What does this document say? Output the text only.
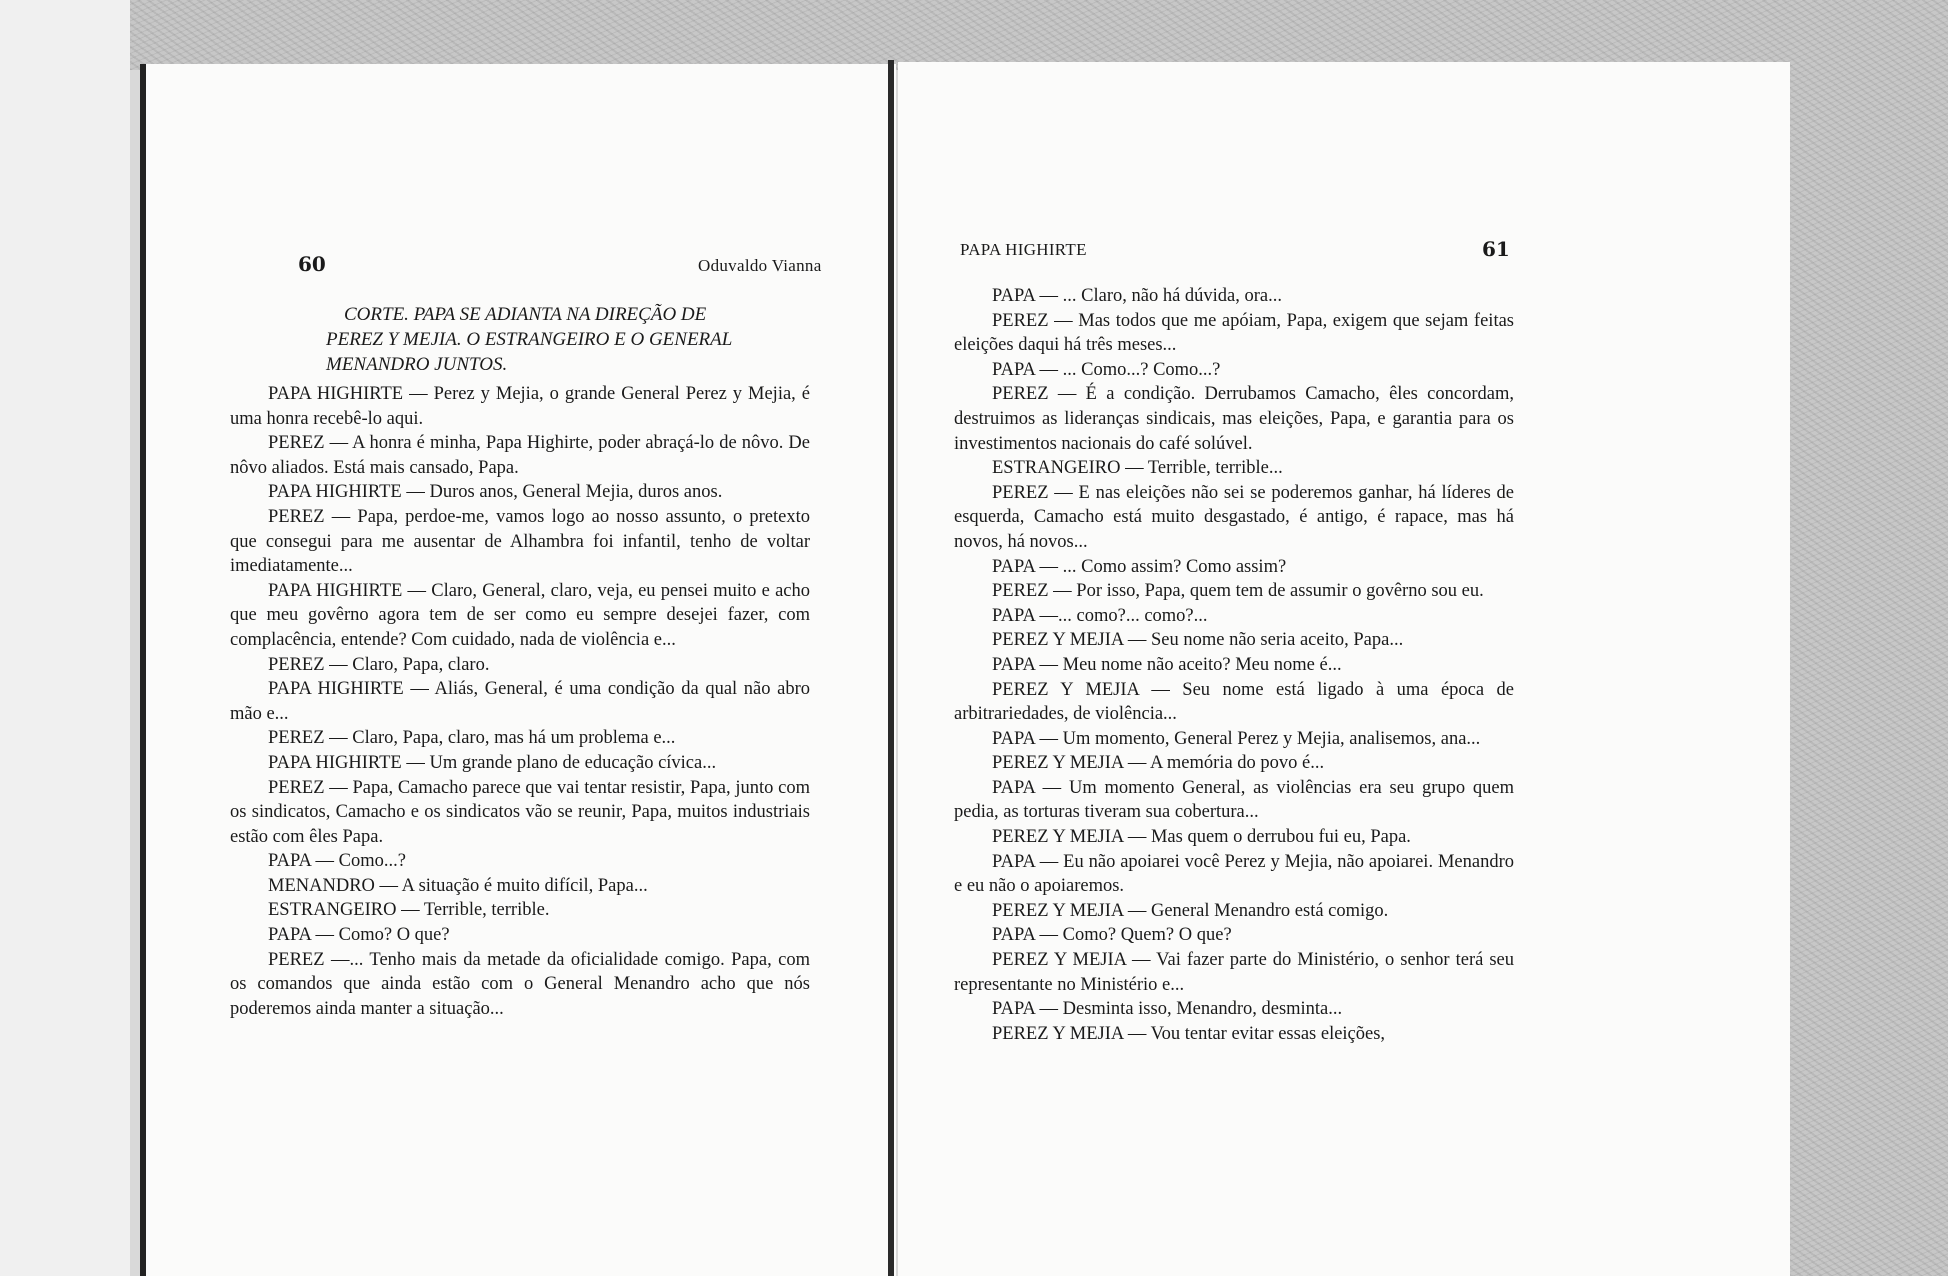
60	Oduvaldo Vianna

CORTE. PAPA SE ADIANTA NA DIREÇÃO DE

PEREZ Y MEJIA. O ESTRANGEIRO E O GENERAL

MENANDRO JUNTOS.

PAPA HIGHIRTE — Perez y Mejia, o grande General Perez y Mejia, é uma honra recebê-lo aqui.

PEREZ — A honra é minha, Papa Highirte, poder abraçá-lo de nôvo. De nôvo aliados. Está mais cansado, Papa.

PAPA HIGHIRTE — Duros anos, General Mejia, duros anos.

PEREZ — Papa, perdoe-me, vamos logo ao nosso assunto, o pretexto que consegui para me ausentar de Alhambra foi infantil, tenho de voltar imediatamente...

PAPA HIGHIRTE — Claro, General, claro, veja, eu pensei muito e acho que meu govêrno agora tem de ser como eu sempre desejei fazer, com complacência, entende? Com cuidado, nada de violência e...

PEREZ — Claro, Papa, claro.

PAPA HIGHIRTE — Aliás, General, é uma condição da qual não abro mão e...

PEREZ — Claro, Papa, claro, mas há um problema e...

PAPA HIGHIRTE — Um grande plano de educação cívica...

PEREZ — Papa, Camacho parece que vai tentar resistir, Papa, junto com os sindicatos, Camacho e os sindicatos vão se reunir, Papa, muitos industriais estão com êles Papa.

PAPA — Como...?

MENANDRO — A situação é muito difícil, Papa...

ESTRANGEIRO — Terrible, terrible.

PAPA — Como? O que?

PEREZ —... Tenho mais da metade da oficialidade comigo. Papa, com os comandos que ainda estão com o General Menandro acho que nós poderemos ainda manter a situação...

PAPA HIGHIRTE	61

PAPA — ... Claro, não há dúvida, ora...

PEREZ — Mas todos que me apóiam, Papa, exigem que sejam feitas eleições daqui há três meses...

PAPA — ... Como...? Como...?

PEREZ — É a condição. Derrubamos Camacho, êles concordam, destruimos as lideranças sindicais, mas eleições, Papa, e garantia para os investimentos nacionais do café solúvel.

ESTRANGEIRO — Terrible, terrible...

PEREZ — E nas eleições não sei se poderemos ganhar, há líderes de esquerda, Camacho está muito desgastado, é antigo, é rapace, mas há novos, há novos...

PAPA — ... Como assim? Como assim?

PEREZ — Por isso, Papa, quem tem de assumir o govêrno sou eu.

PAPA —... como?... como?...

PEREZ Y MEJIA — Seu nome não seria aceito, Papa...

PAPA — Meu nome não aceito? Meu nome é...

PEREZ Y MEJIA — Seu nome está ligado à uma época de arbitrariedades, de violência...

PAPA — Um momento, General Perez y Mejia, analisemos, ana...

PEREZ Y MEJIA — A memória do povo é...

PAPA — Um momento General, as violências era seu grupo quem pedia, as torturas tiveram sua cobertura...

PEREZ Y MEJIA — Mas quem o derrubou fui eu, Papa.

PAPA — Eu não apoiarei você Perez y Mejia, não apoiarei. Menandro e eu não o apoiaremos.

PEREZ Y MEJIA — General Menandro está comigo.

PAPA — Como? Quem? O que?

PEREZ Y MEJIA — Vai fazer parte do Ministério, o senhor terá seu representante no Ministério e...

PAPA — Desminta isso, Menandro, desminta...

PEREZ Y MEJIA — Vou tentar evitar essas eleições,
